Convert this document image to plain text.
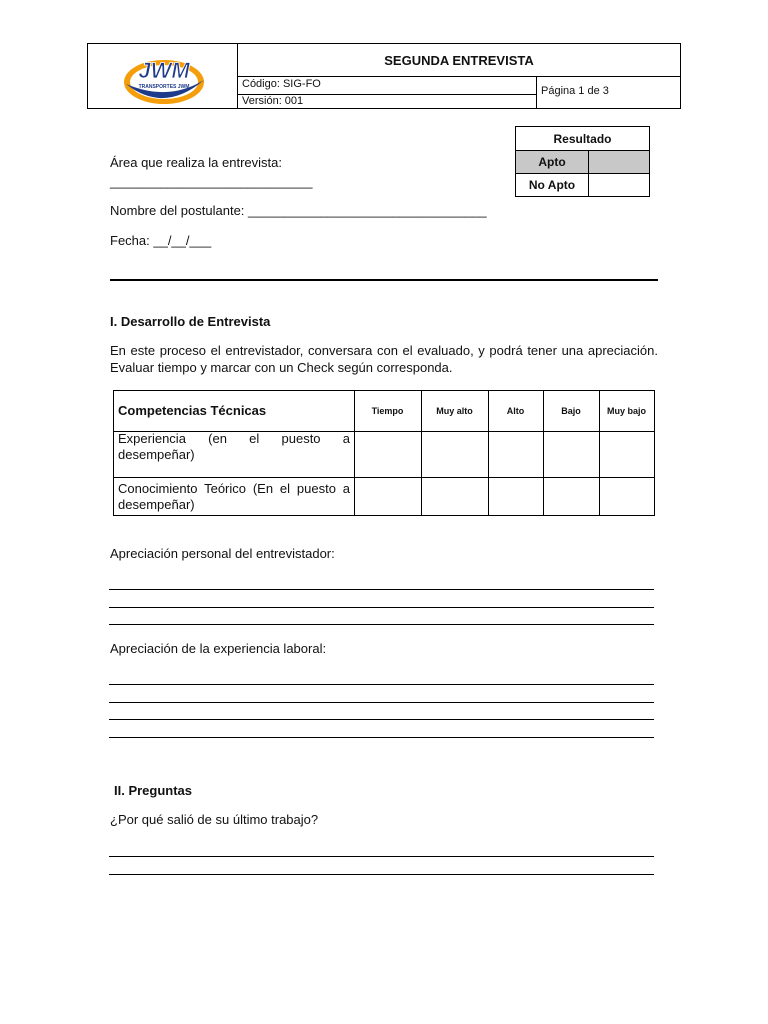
JWM
TRANSPORTES JWM
SEGUNDA ENTREVISTA
Código: SIG-FO
Versión: 001
Página 1 de 3
Resultado
Apto
No Apto
Área que realiza la entrevista:
____________________________
Nombre del postulante: _________________________________
Fecha: __/__/___
I. Desarrollo de Entrevista
En este proceso el entrevistador, conversara con el evaluado, y podrá tener una apreciación. Evaluar tiempo y marcar con un Check según corresponda.
Competencias Técnicas	Tiempo	Muy alto	Alto	Bajo	Muy bajo
Experiencia (en el puesto a desempeñar)
Conocimiento Teórico (En el puesto a desempeñar)
Apreciación personal del entrevistador:
Apreciación de la experiencia laboral:
II. Preguntas
¿Por qué salió de su último trabajo?
